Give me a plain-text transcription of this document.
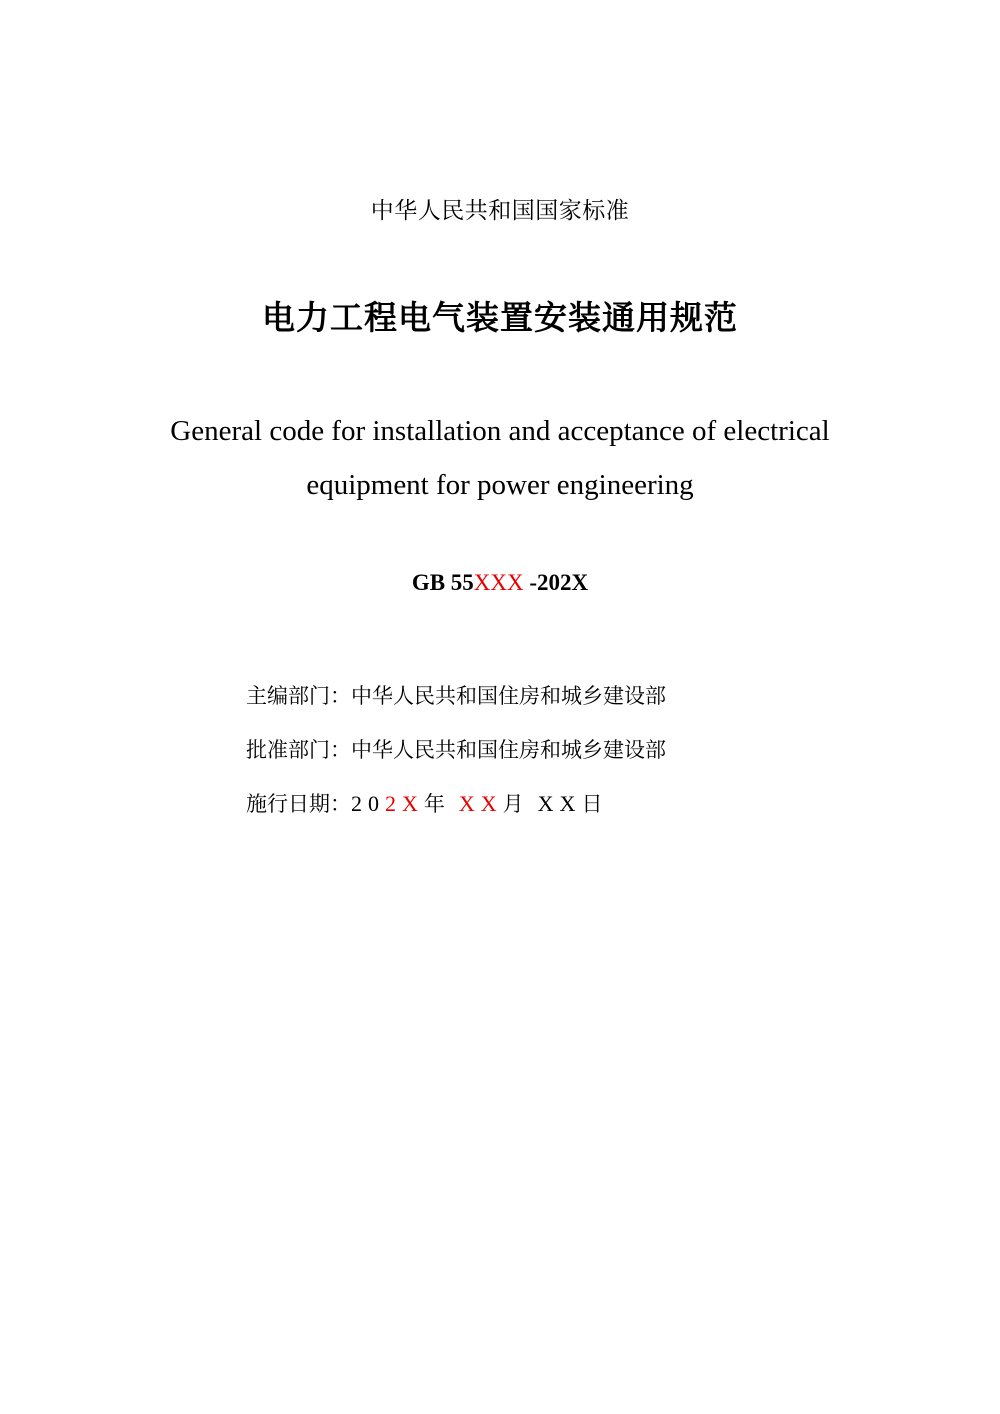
中华人民共和国国家标准
电力工程电气装置安装通用规范
General code for installation and acceptance of electrical
equipment for power engineering
GB 55XXX -202X
主编部门：中华人民共和国住房和城乡建设部
批准部门：中华人民共和国住房和城乡建设部
施行日期：202X年 XX月 XX日
